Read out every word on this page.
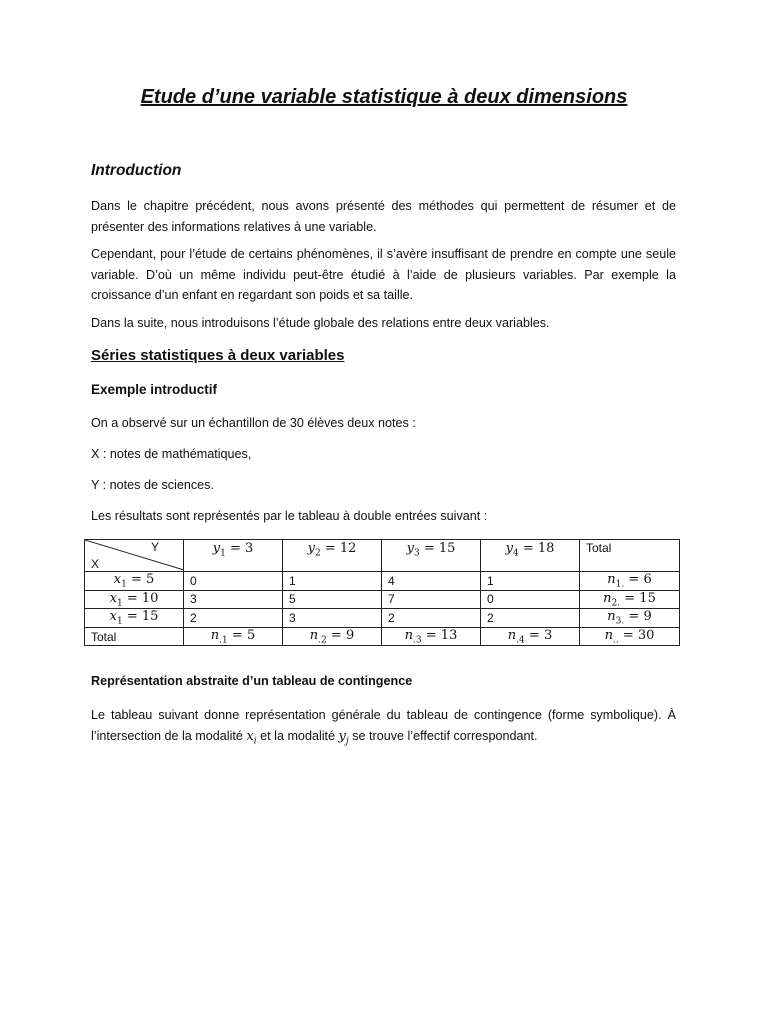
Etude d’une variable statistique à deux dimensions
Introduction
Dans le chapitre précédent, nous avons présenté des méthodes qui permettent de résumer et de présenter des informations relatives à une variable.
Cependant, pour l’étude de certains phénomènes, il s’avère insuffisant de prendre en compte une seule variable. D’où un même individu peut-être étudié à l’aide de plusieurs variables. Par exemple la croissance d’un enfant en regardant son poids et sa taille.
Dans la suite, nous introduisons l’étude globale des relations entre deux variables.
Séries statistiques à deux variables
Exemple introductif
On a observé sur un échantillon de 30 élèves deux notes :
X : notes de mathématiques,
Y : notes de sciences.
Les résultats sont représentés par le tableau à double entrées suivant :
Y
X	$y_1 = 3$	$y_2 = 12$	$y_3 = 15$	$y_4 = 18$	Total
$x_1 = 5$	0	1	4	1	$n_{1.} = 6$
$x_1 = 10$	3	5	7	0	$n_{2.} = 15$
$x_1 = 15$	2	3	2	2	$n_{3.} = 9$
Total	$n_{.1} = 5$	$n_{.2} = 9$	$n_{.3} = 13$	$n_{.4} = 3$	$n_{..} = 30$
Représentation abstraite d’un tableau de contingence
Le tableau suivant donne représentation générale du tableau de contingence (forme symbolique). À l’intersection de la modalité $x_i$ et la modalité $y_j$ se trouve l’effectif correspondant.
